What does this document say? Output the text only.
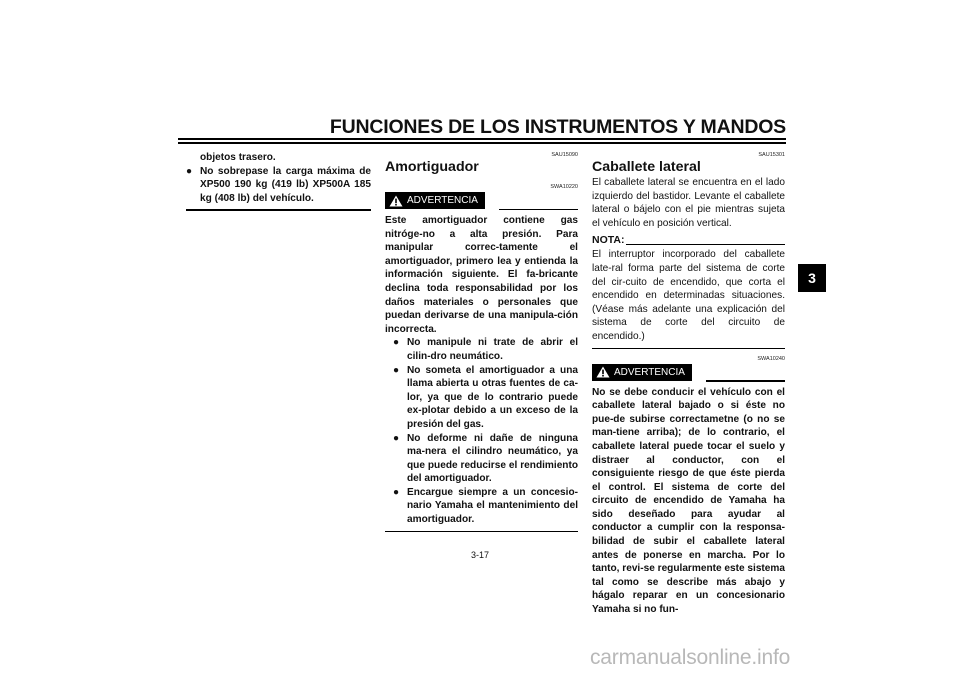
FUNCIONES DE LOS INSTRUMENTOS Y MANDOS
3

objetos trasero.

● No sobrepase la carga máxima de XP500 190 kg (419 lb) XP500A 185 kg (408 lb) del vehículo.

SAU15090
Amortiguador
SWA10220
ADVERTENCIA

Este amortiguador contiene gas nitróge-no a alta presión. Para manipular correc-tamente el amortiguador, primero lea y entienda la información siguiente. El fa-bricante declina toda responsabilidad por los daños materiales o personales que puedan derivarse de una manipula-ción incorrecta.

● No manipule ni trate de abrir el cilin-dro neumático.

● No someta el amortiguador a una llama abierta u otras fuentes de ca-lor, ya que de lo contrario puede ex-plotar debido a un exceso de la presión del gas.

● No deforme ni dañe de ninguna ma-nera el cilindro neumático, ya que puede reducirse el rendimiento del amortiguador.

● Encargue siempre a un concesio-nario Yamaha el mantenimiento del amortiguador.

SAU15301
Caballete lateral

El caballete lateral se encuentra en el lado izquierdo del bastidor. Levante el caballete lateral o bájelo con el pie mientras sujeta el vehículo en posición vertical.

NOTA:

El interruptor incorporado del caballete late-ral forma parte del sistema de corte del cir-cuito de encendido, que corta el encendido en determinadas situaciones. (Véase más adelante una explicación del sistema de corte del circuito de encendido.)

SWA10240
ADVERTENCIA

No se debe conducir el vehículo con el caballete lateral bajado o si éste no pue-de subirse correctametne (o no se man-tiene arriba); de lo contrario, el caballete lateral puede tocar el suelo y distraer al conductor, con el consiguiente riesgo de que éste pierda el control. El sistema de corte del circuito de encendido de Yamaha ha sido deseñado para ayudar al conductor a cumplir con la responsa-bilidad de subir el caballete lateral antes de ponerse en marcha. Por lo tanto, revi-se regularmente este sistema tal como se describe más abajo y hágalo reparar en un concesionario Yamaha si no fun-

3-17
carmanualsonline.info
